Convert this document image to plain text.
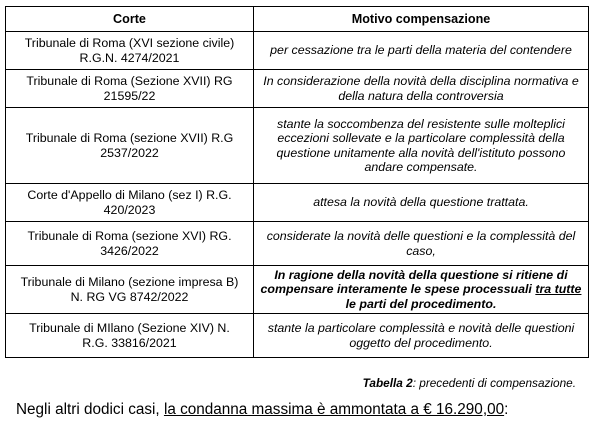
Corte	Motivo compensazione
Tribunale di Roma (XVI sezione civile)
R.G.N. 4274/2021	per cessazione tra le parti della materia del contendere
Tribunale di Roma (Sezione XVII) RG
21595/22	In considerazione della novità della disciplina normativa e
della natura della controversia
Tribunale di Roma (sezione XVII) R.G
2537/2022	stante la soccombenza del resistente sulle molteplici
eccezioni sollevate e la particolare complessità della
questione unitamente alla novità dell'istituto possono
andare compensate.
Corte d'Appello di Milano (sez I) R.G.
420/2023	attesa la novità della questione trattata.
Tribunale di Roma (sezione XVI) RG.
3426/2022	considerate la novità delle questioni e la complessità del
caso,
Tribunale di Milano (sezione impresa B)
N. RG VG 8742/2022	In ragione della novità della questione si ritiene di
compensare interamente le spese processuali tra tutte
le parti del procedimento.
Tribunale di MIlano (Sezione XIV) N.
R.G. 33816/2021	stante la particolare complessità e novità delle questioni
oggetto del procedimento.
Tabella 2: precedenti di compensazione.
Negli altri dodici casi, la condanna massima è ammontata a € 16.290,00:
